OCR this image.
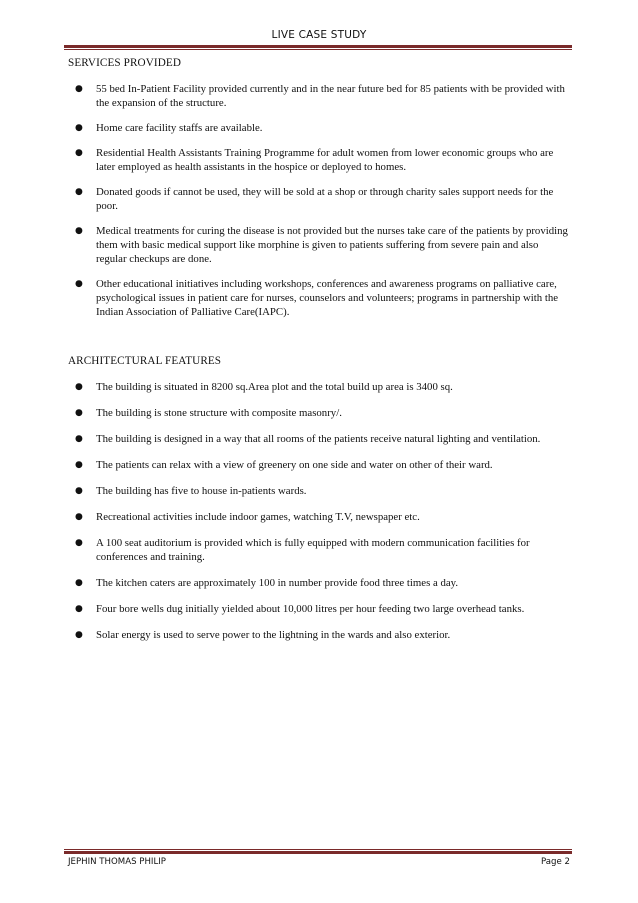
LIVE CASE STUDY
SERVICES PROVIDED
● 55 bed In-Patient Facility provided currently and in the near future bed for 85 patients with be provided with the expansion of the structure.
● Home care facility staffs are available.
● Residential Health Assistants Training Programme for adult women from lower economic groups who are later employed as health assistants in the hospice or deployed to homes.
● Donated goods if cannot be used, they will be sold at a shop or through charity sales support needs for the poor.
● Medical treatments for curing the disease is not provided but the nurses take care of the patients by providing them with basic medical support like morphine is given to patients suffering from severe pain and also regular checkups are done.
● Other educational initiatives including workshops, conferences and awareness programs on palliative care, psychological issues in patient care for nurses, counselors and volunteers; programs in partnership with the Indian Association of Palliative Care(IAPC).
ARCHITECTURAL FEATURES
● The building is situated in 8200 sq.Area plot and the total build up area is 3400 sq.
● The building is stone structure with composite masonry/.
● The building is designed in a way that all rooms of the patients receive natural lighting and ventilation.
● The patients can relax with a view of greenery on one side and water on other of their ward.
● The building has five to house in-patients wards.
● Recreational activities include indoor games, watching T.V, newspaper etc.
● A 100 seat auditorium is provided which is fully equipped with modern communication facilities for conferences and training.
● The kitchen caters are approximately 100 in number provide food three times a day.
● Four bore wells dug initially yielded about 10,000 litres per hour feeding two large overhead tanks.
● Solar energy is used to serve power to the lightning in the wards and also exterior.
JEPHIN THOMAS PHILIP	Page 2
